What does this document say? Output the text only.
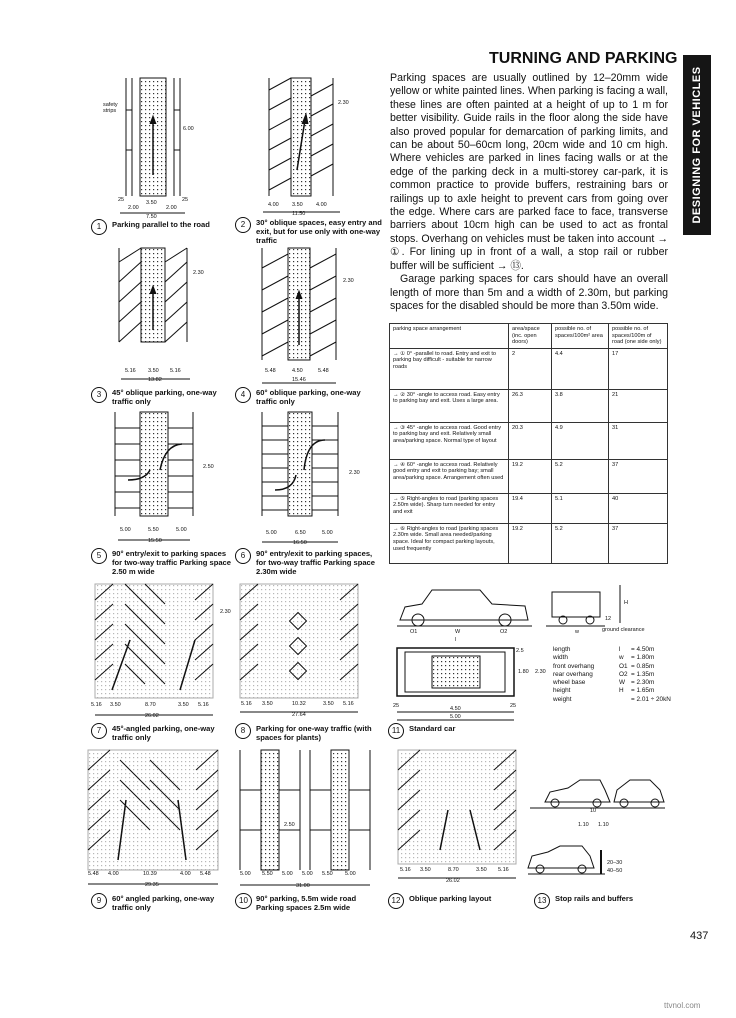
TURNING AND PARKING
DESIGNING FOR VEHICLES

Parking spaces are usually outlined by 12–20mm wide yellow or white painted lines. When parking is facing a wall, these lines are often painted at a height of up to 1 m for better visibility. Guide rails in the floor along the side have also proved popular for demarcation of parking limits, and can be about 50–60cm long, 20cm wide and 10 cm high. Where vehicles are parked in lines facing walls or at the edge of the parking deck in a multi-storey car-park, it is common practice to provide buffers, restraining bars or railings up to axle height to prevent cars from going over the edge. Where cars are parked face to face, transverse barriers about 10cm high can be used to act as frontal stops. Overhang on vehicles must be taken into account → ①. For lining up in front of a wall, a stop rail or rubber buffer will be sufficient → ⑬.

Garage parking spaces for cars should have an overall length of more than 5m and a width of 2.30m, but parking spaces for the disabled should be more than 3.50m wide.

parking space arrangement	area/space (inc. open doors)	possible no. of spaces/100m² area	possible no. of spaces/100m of road (one side only)
→ ① 0° -parallel to road. Entry and exit to parking bay difficult - suitable for narrow roads	2	4.4	17
→ ② 30° -angle to access road. Easy entry to parking bay and exit. Uses a large area.	26.3	3.8	21
→ ③ 45° -angle to access road. Good entry to parking bay and exit. Relatively small area/parking space. Normal type of layout	20.3	4.9	31
→ ④ 60° -angle to access road. Relatively good entry and exit to parking bay; small area/parking space. Arrangement often used	19.2	5.2	37
→ ⑤ Right-angles to road (parking spaces 2.50m wide). Sharp turn needed for entry and exit	19.4	5.1	40
→ ⑥ Right-angles to road (parking spaces 2.30m wide. Small area needed/parking space. Ideal for compact parking layouts, used frequently	19.2	5.2	37
1	Parking parallel to the road	2	30° oblique spaces, easy entry and exit, but for use only with one-way traffic
3	45° oblique parking, one-way traffic only
4	60° oblique parking, one-way traffic only
5	90° entry/exit to parking spaces for two-way traffic Parking space 2.50 m wide
6	90° entry/exit to parking spaces, for two-way traffic Parking space 2.30m wide
7	45°-angled parking, one-way traffic only
8	Parking for one-way traffic (with spaces for plants)
9	60° angled parking, one-way traffic only
10	90° parking, 5.5m wide road Parking spaces 2.5m wide
11	Standard car
12	Oblique parking layout	13	Stop rails and buffers
safety strips
6.00
3.50
2.00	2.00
7.50
25	25
2.30
4.00 3.50 4.00
11.50
2.30
5.16 3.50 5.16
13.82
2.30
5.48	4.50	5.48
15.46
2.50
5.00	5.50	5.00
15.50
2.30
5.00	6.50	5.00
16.50
5.16 3.50	8.70	3.50 5.16
26.02
2.30
5.16 3.50	10.32	3.50 5.16
27.64
5.48 4.00	10.39	4.00 5.48
29.35
2.50
5.00 5.50 5.00 5.00 5.50 5.00
31.00
O1	W	O2
l
w
H
12
2.5
1.80 2.30
4.50
5.00
25	25
ground clearance
5.16 3.50	8.70	3.50 5.16
26.02
1.10 1.10
10
20–30
40–50
length	l	= 4.50m
width	w	= 1.80m
front overhang	O1 = 0.85m
rear overhang	O2 = 1.35m
wheel base	W = 2.30m
height	H	= 1.65m
weight	= 2.01 ÷ 20kN
437
ttvnol.com
